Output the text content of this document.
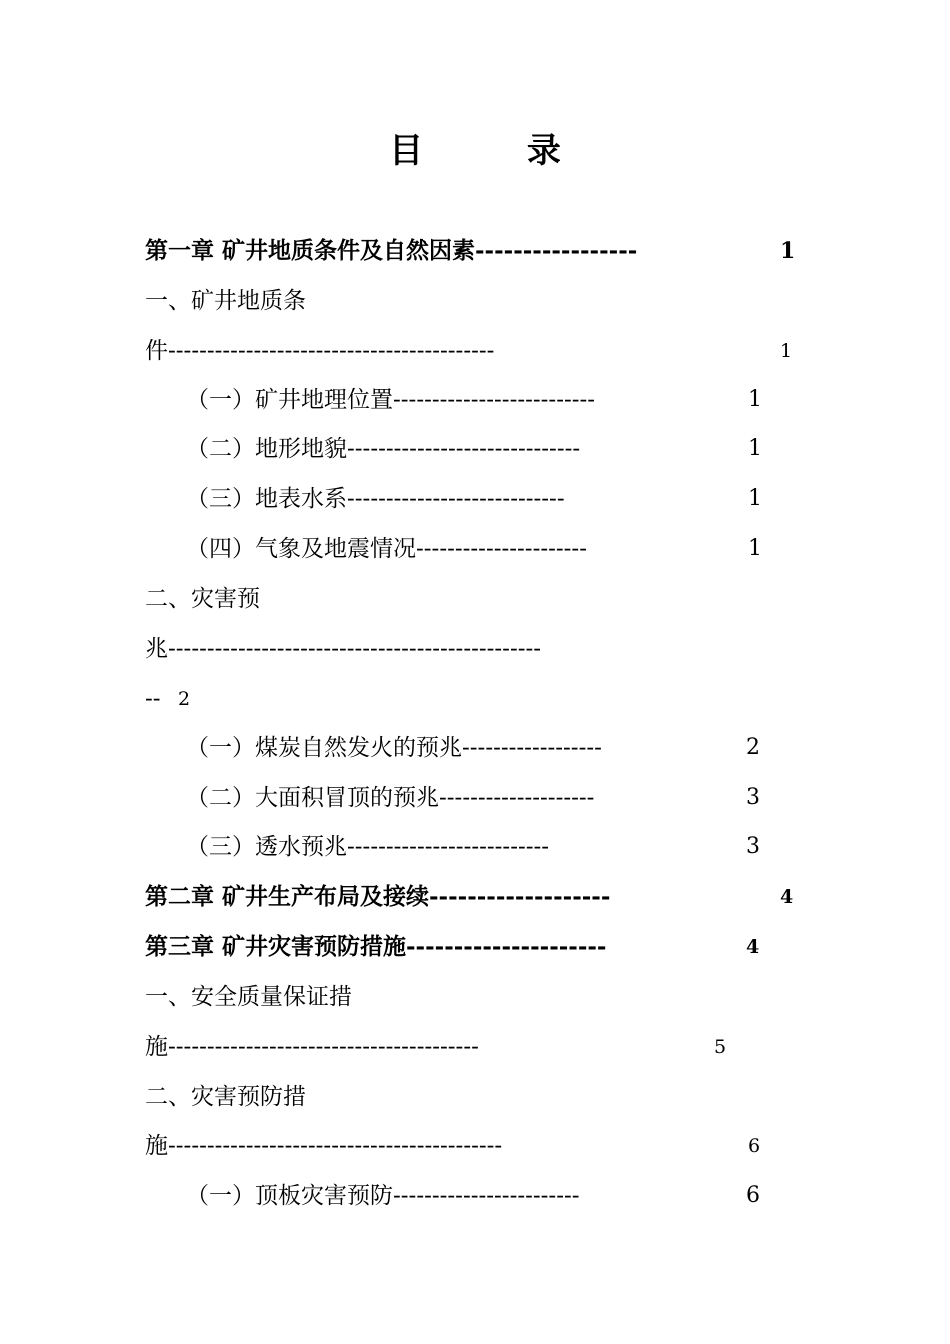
目 录
第一章 矿井地质条件及自然因素-----------------	1
一、矿井地质条
件------------------------------------------	1
（一）矿井地理位置--------------------------	1
（二）地形地貌------------------------------	1
（三）地表水系----------------------------	1
（四）气象及地震情况----------------------	1
二、灾害预
兆------------------------------------------------
-- 2
（一）煤炭自然发火的预兆------------------	2
（二）大面积冒顶的预兆--------------------	3
（三）透水预兆--------------------------	3
第二章 矿井生产布局及接续-------------------	4
第三章 矿井灾害预防措施---------------------	4
一、安全质量保证措
施----------------------------------------	5
二、灾害预防措
施-------------------------------------------	6
（一）顶板灾害预防------------------------	6
